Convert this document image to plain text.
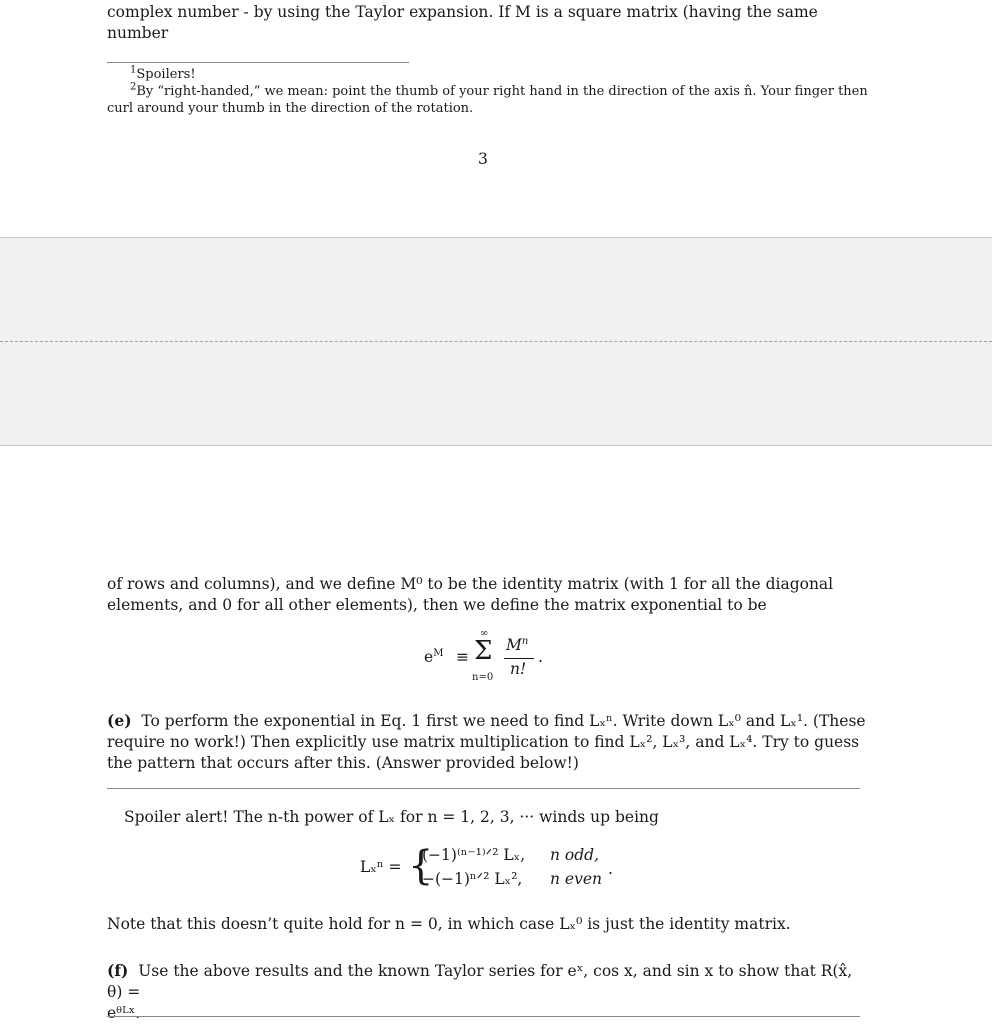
complex number - by using the Taylor expansion. If M is a square matrix (having the same number
$^1$Spoilers!
$^2$By “right-handed,” we mean: point the thumb of your right hand in the direction of the axis n̂. Your finger then
curl around your thumb in the direction of the rotation.
3
of rows and columns), and we define M⁰ to be the identity matrix (with 1 for all the diagonal
elements, and 0 for all other elements), then we define the matrix exponential to be
$e^M$ ≡
∞
Σ
n=0
$M^n$
n!
.
(e) To perform the exponential in Eq. 1 first we need to find Lₓⁿ. Write down Lₓ⁰ and Lₓ¹. (These
require no work!) Then explicitly use matrix multiplication to find Lₓ², Lₓ³, and Lₓ⁴. Try to guess
the pattern that occurs after this. (Answer provided below!)
Spoiler alert! The n-th power of Lₓ for n = 1, 2, 3, ··· winds up being
Lₓⁿ = {
(−1)⁽ⁿ⁻¹⁾ᐟ² Lₓ, n odd,
−(−1)ⁿᐟ² Lₓ², n even
.
Note that this doesn’t quite hold for n = 0, in which case Lₓ⁰ is just the identity matrix.
(f) Use the above results and the known Taylor series for eˣ, cos x, and sin x to show that R(x̂, θ) =
eᶿᴸˣ.
